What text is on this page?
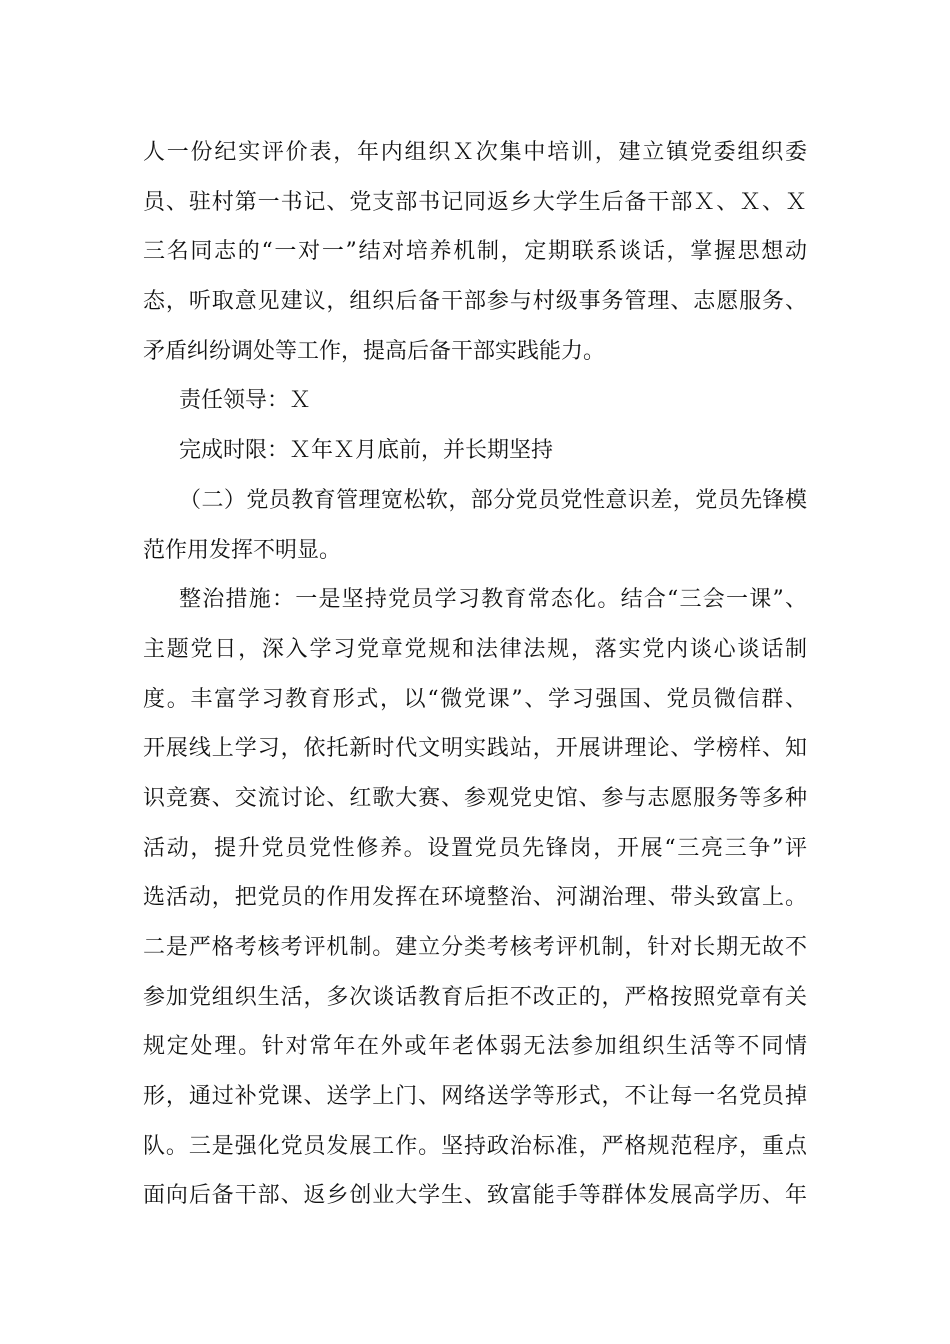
人一份纪实评价表，年内组织Ｘ次集中培训，建立镇党委组织委
员、驻村第一书记、党支部书记同返乡大学生后备干部Ｘ、Ｘ、Ｘ
三名同志的“一对一”结对培养机制，定期联系谈话，掌握思想动
态，听取意见建议，组织后备干部参与村级事务管理、志愿服务、
矛盾纠纷调处等工作，提高后备干部实践能力。
责任领导：Ｘ
完成时限：Ｘ年Ｘ月底前，并长期坚持
（二）党员教育管理宽松软，部分党员党性意识差，党员先锋模
范作用发挥不明显。
整治措施：一是坚持党员学习教育常态化。结合“三会一课”、
主题党日，深入学习党章党规和法律法规，落实党内谈心谈话制
度。丰富学习教育形式，以“微党课”、学习强国、党员微信群、
开展线上学习，依托新时代文明实践站，开展讲理论、学榜样、知
识竞赛、交流讨论、红歌大赛、参观党史馆、参与志愿服务等多种
活动，提升党员党性修养。设置党员先锋岗，开展“三亮三争”评
选活动，把党员的作用发挥在环境整治、河湖治理、带头致富上。
二是严格考核考评机制。建立分类考核考评机制，针对长期无故不
参加党组织生活，多次谈话教育后拒不改正的，严格按照党章有关
规定处理。针对常年在外或年老体弱无法参加组织生活等不同情
形，通过补党课、送学上门、网络送学等形式，不让每一名党员掉
队。三是强化党员发展工作。坚持政治标准，严格规范程序，重点
面向后备干部、返乡创业大学生、致富能手等群体发展高学历、年
